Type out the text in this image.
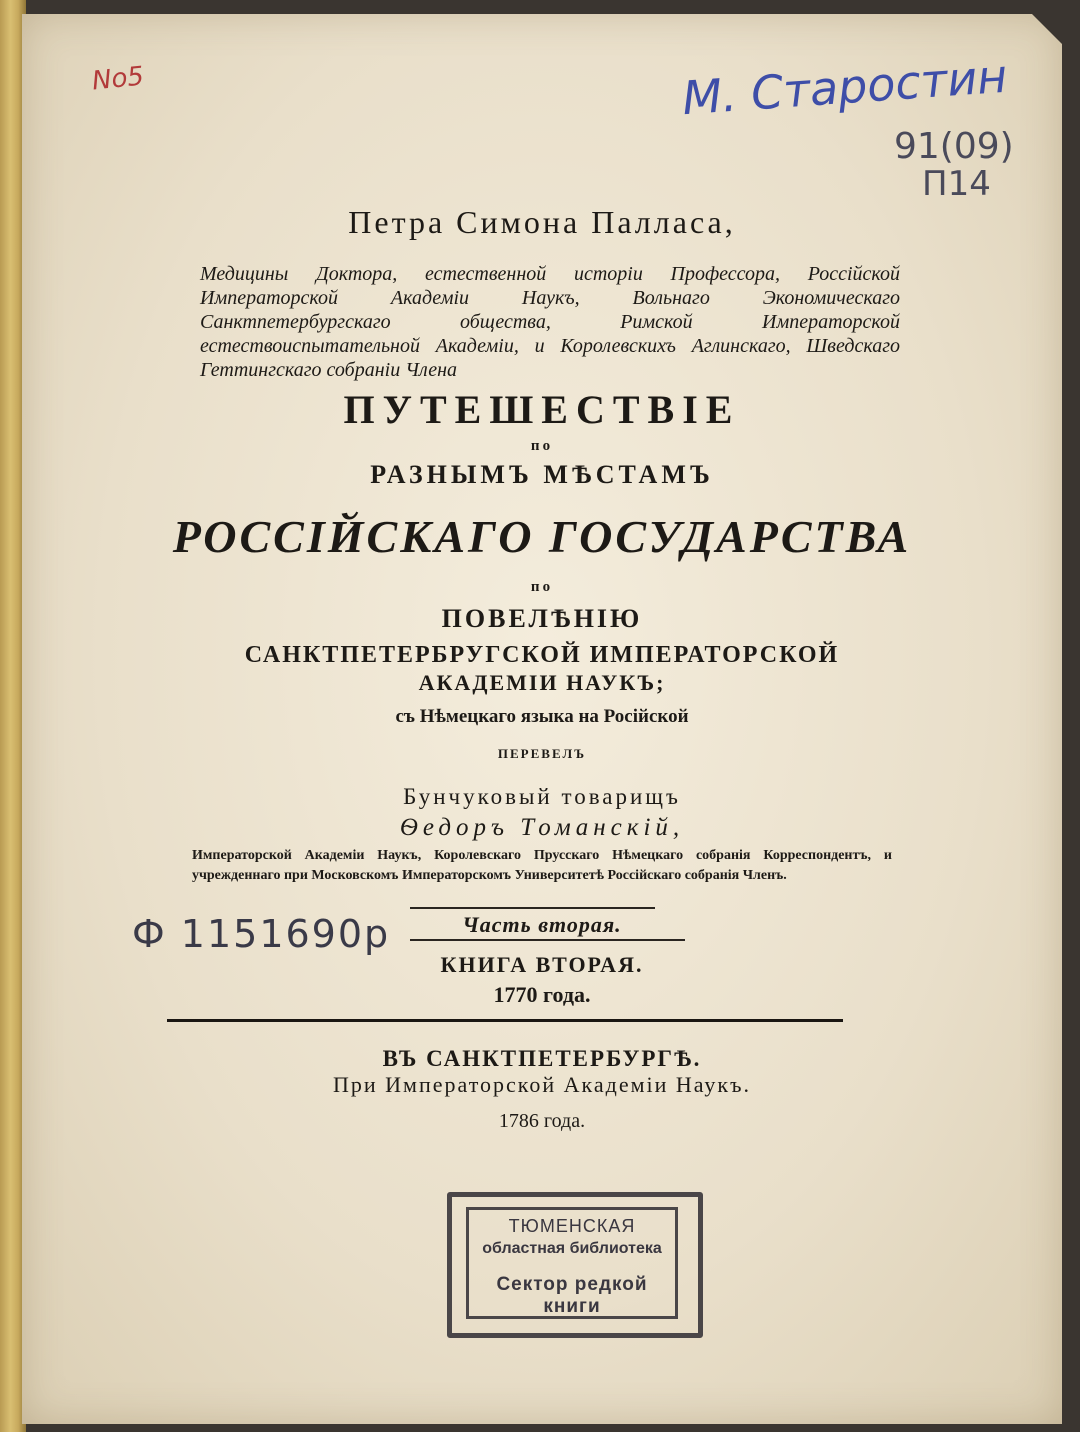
No5	М. Старостин
91(09)
П14
Петра Симона Палласа,
Медицины Доктора, естественной исторіи Профессора, Россійской Императорской Академіи Наукъ, Вольнаго Экономическаго Санктпетербургскаго общества, Римской Императорской естествоиспытательной Академіи, и Королевскихъ Аглинскаго, Шведскаго Геттингскаго собраніи Члена
ПУТЕШЕСТВІЕ
по
РАЗНЫМЪ МѢСТАМЪ
РОССІЙСКАГО ГОСУДАРСТВА
по
ПОВЕЛѢНІЮ
САНКТПЕТЕРБРУГСКОЙ ИМПЕРАТОРСКОЙ
АКАДЕМІИ НАУКЪ;
съ Нѣмецкаго языка на Російской
ПЕРЕВЕЛЪ
Бунчуковый товарищъ
Ѳедоръ Томанскій,
Императорской Академіи Наукъ, Королевскаго Прусскаго Нѣмецкаго собранія Корреспондентъ, и учрежденнаго при Московскомъ Императорскомъ Университетѣ Россійскаго собранія Членъ.
Ф 1151690р	Часть вторая.
КНИГА ВТОРАЯ.
1770 года.
ВЪ САНКТПЕТЕРБУРГѢ.
При Императорской Академіи Наукъ.
1786 года.
ТЮМЕНСКАЯ
областная библиотека
Сектор редкой книги
